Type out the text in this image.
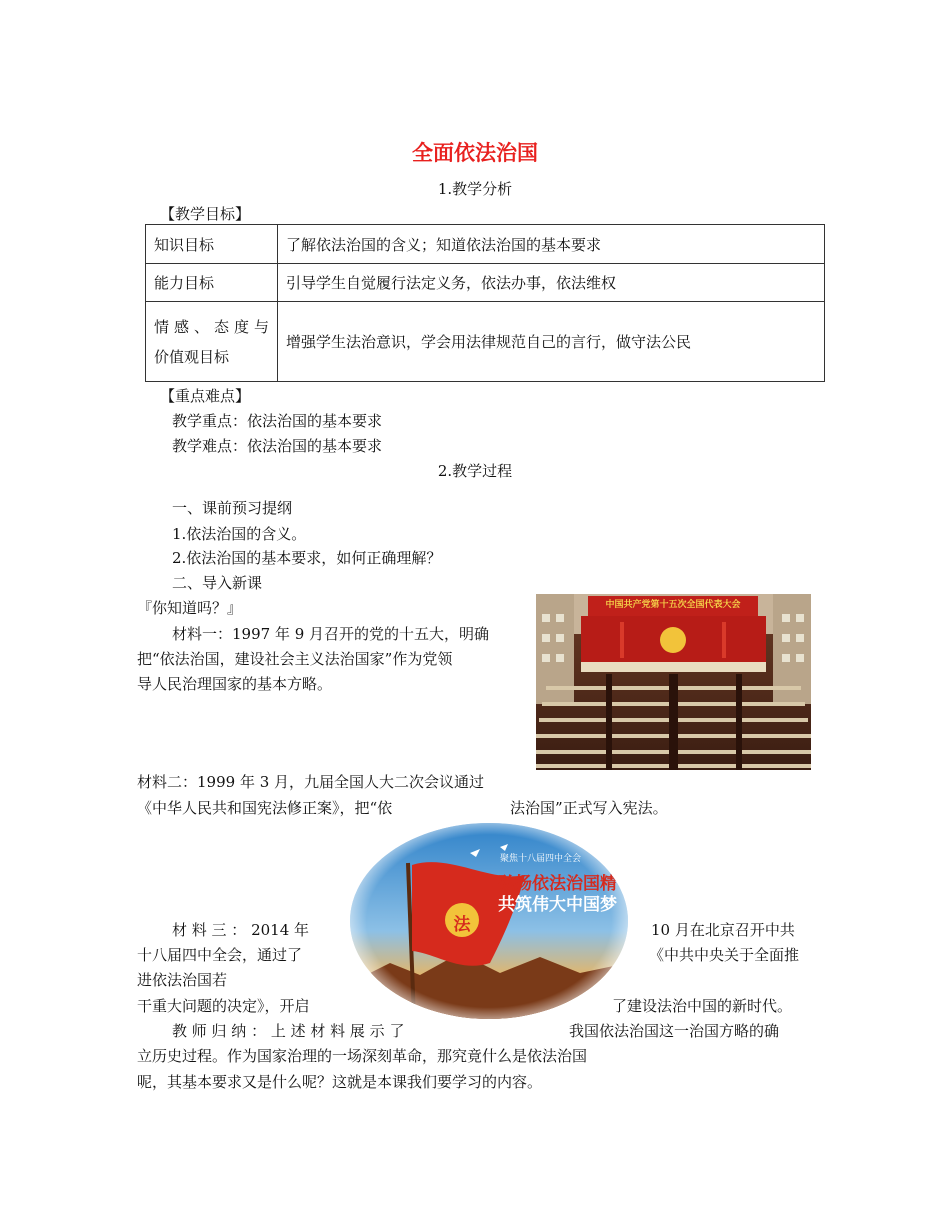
全面依法治国
1.教学分析
【教学目标】
知识目标	了解依法治国的含义；知道依法治国的基本要求
能力目标	引导学生自觉履行法定义务，依法办事，依法维权

情感、态度与
价值观目标	增强学生法治意识，学会用法律规范自己的言行，做守法公民
【重点难点】
教学重点：依法治国的基本要求
教学难点：依法治国的基本要求
2.教学过程
一、课前预习提纲
1.依法治国的含义。
2.依法治国的基本要求，如何正确理解？
二、导入新课
『你知道吗？』
材料一：1997 年 9 月召开的党的十五大，明确
把“依法治国，建设社会主义法治国家”作为党领
导人民治理国家的基本方略。
中国共产党第十五次全国代表大会
材料二：1999 年 3 月，九届全国人大二次会议通过
《中华人民共和国宪法修正案》，把“依	法治国”正式写入宪法。
法
聚焦十八届四中全会
弘扬依法治国精
共筑伟大中国梦
材 料 三 ： 2014 年	10 月在北京召开中共
十八届四中全会，通过了	《中共中央关于全面推
进依法治国若
干重大问题的决定》，开启	了建设法治中国的新时代。
教 师 归 纳 ： 上 述 材 料 展 示 了	我国依法治国这一治国方略的确
立历史过程。作为国家治理的一场深刻革命，那究竟什么是依法治国
呢，其基本要求又是什么呢？这就是本课我们要学习的内容。
